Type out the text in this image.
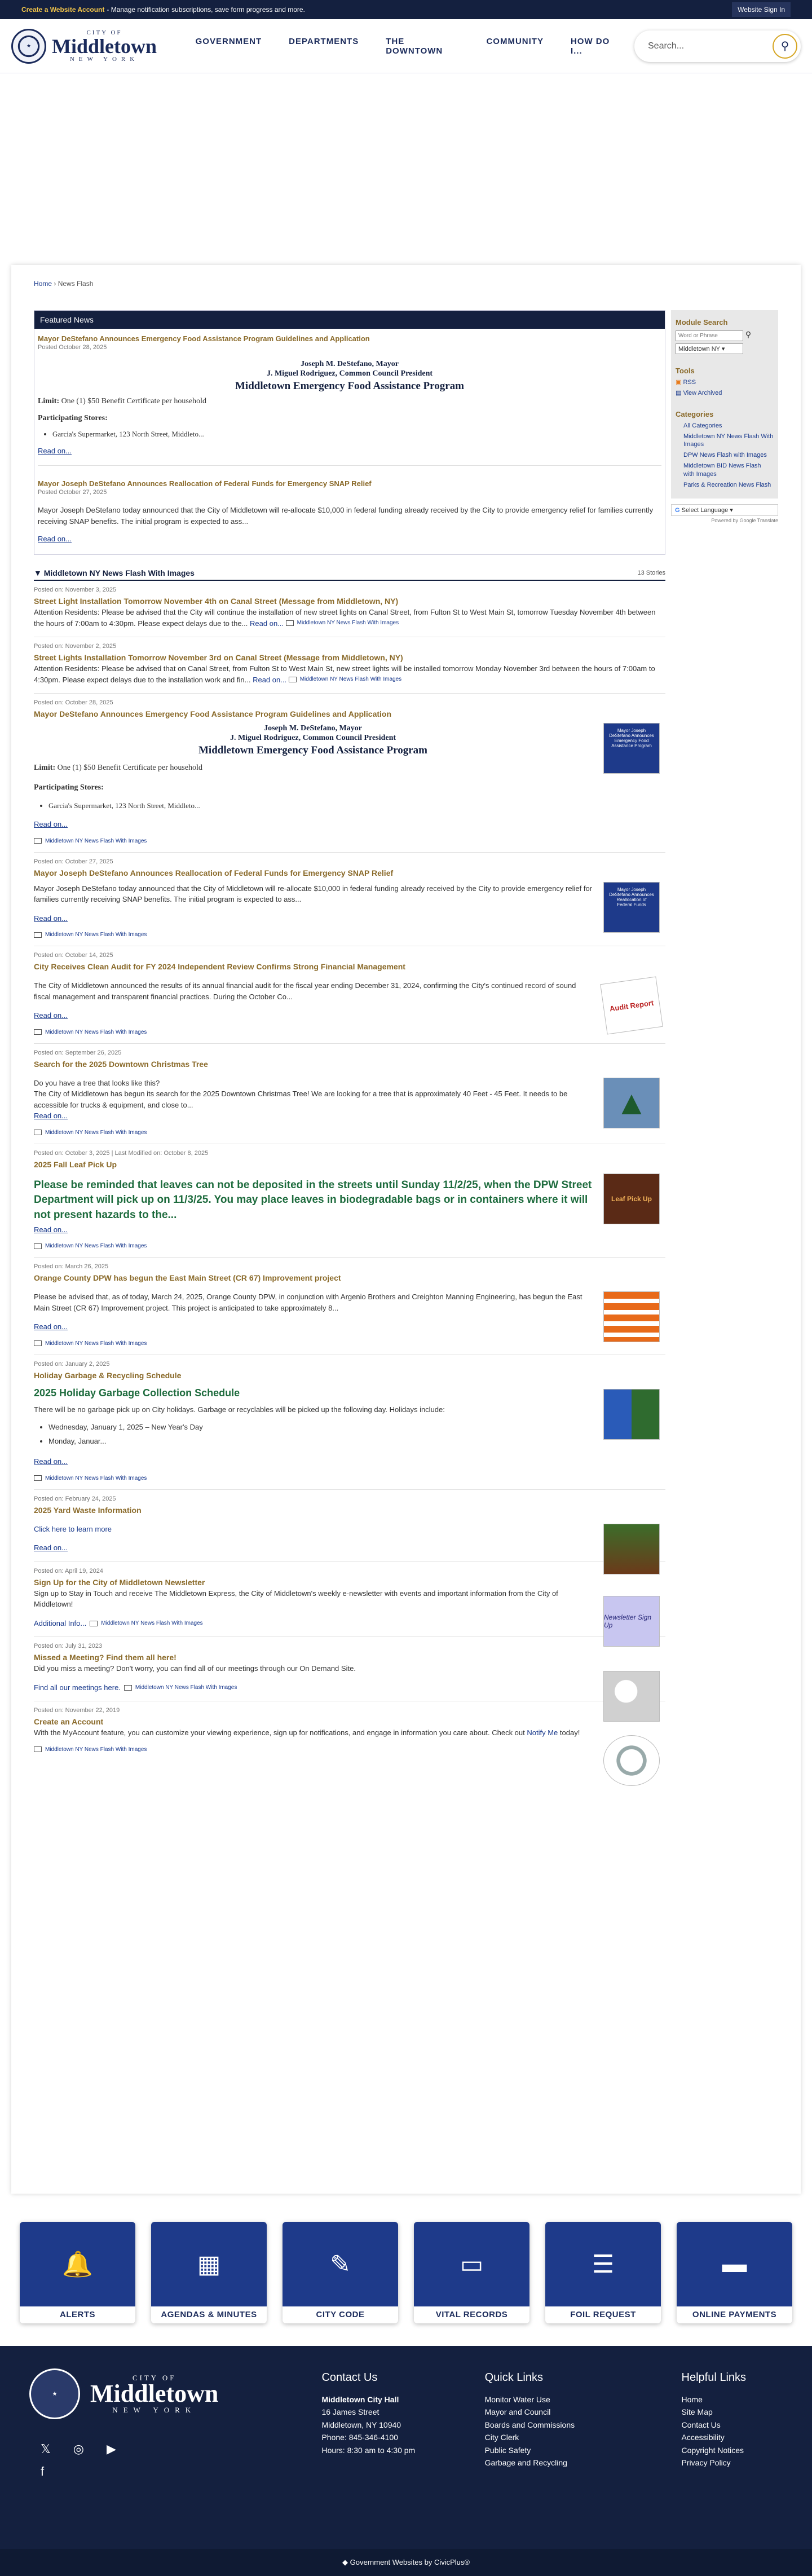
Create a Website Account - Manage notification subscriptions, save form progress and more.	Website Sign In
★
CITY OF
Middletown
NEW YORK
GOVERNMENT	DEPARTMENTS	THE DOWNTOWN
COMMUNITY	HOW DO I...
Search...	⚲
Home › News Flash
Featured News
Mayor DeStefano Announces Emergency Food Assistance Program Guidelines and Application
Posted October 28, 2025
Joseph M. DeStefano, Mayor
J. Miguel Rodriguez, Common Council President
Middletown Emergency Food Assistance Program
Limit: One (1) $50 Benefit Certificate per household
Participating Stores:
• Garcia's Supermarket, 123 North Street, Middleto...
Read on...
Mayor Joseph DeStefano Announces Reallocation of Federal Funds for Emergency SNAP Relief
Posted October 27, 2025
Mayor Joseph DeStefano today announced that the City of Middletown will re-allocate $10,000 in federal funding already received by the City to provide emergency relief for families currently receiving SNAP benefits. The initial program is expected to ass...
Read on...
▼ Middletown NY News Flash With Images	13 Stories
Posted on: November 3, 2025
Street Light Installation Tomorrow November 4th on Canal Street (Message from Middletown, NY)
Attention Residents: Please be advised that the City will continue the installation of new street lights on Canal Street, from Fulton St to West Main St, tomorrow Tuesday November 4th between the hours of 7:00am to 4:30pm. Please expect delays due to the... Read on... Middletown NY News Flash With Images
Posted on: November 2, 2025
Street Lights Installation Tomorrow November 3rd on Canal Street (Message from Middletown, NY)
Attention Residents: Please be advised that on Canal Street, from Fulton St to West Main St, new street lights will be installed tomorrow Monday November 3rd between the hours of 7:00am to 4:30pm. Please expect delays due to the installation work and fin... Read on... Middletown NY News Flash With Images
Posted on: October 28, 2025
Mayor DeStefano Announces Emergency Food Assistance Program Guidelines and Application
Mayor Joseph DeStefano Announces Emergency Food Assistance Program
Joseph M. DeStefano, Mayor
J. Miguel Rodriguez, Common Council President
Middletown Emergency Food Assistance Program
Limit: One (1) $50 Benefit Certificate per household
Participating Stores:
• Garcia's Supermarket, 123 North Street, Middleto...
Read on...
Middletown NY News Flash With Images
Posted on: October 27, 2025
Mayor Joseph DeStefano Announces Reallocation of Federal Funds for Emergency SNAP Relief
Mayor Joseph DeStefano Announces Reallocation of Federal Funds
Mayor Joseph DeStefano today announced that the City of Middletown will re-allocate $10,000 in federal funding already received by the City to provide emergency relief for families currently receiving SNAP benefits. The initial program is expected to ass...
Read on...
Middletown NY News Flash With Images
Posted on: October 14, 2025
City Receives Clean Audit for FY 2024 Independent Review Confirms Strong Financial Management
Audit Report
The City of Middletown announced the results of its annual financial audit for the fiscal year ending December 31, 2024, confirming the City's continued record of sound fiscal management and transparent financial practices. During the October Co...
Read on...
Middletown NY News Flash With Images
Posted on: September 26, 2025
Search for the 2025 Downtown Christmas Tree
▲
Do you have a tree that looks like this?
The City of Middletown has begun its search for the 2025 Downtown Christmas Tree! We are looking for a tree that is approximately 40 Feet - 45 Feet. It needs to be accessible for trucks & equipment, and close to...
Read on...
Middletown NY News Flash With Images
Posted on: October 3, 2025 | Last Modified on: October 8, 2025
2025 Fall Leaf Pick Up
Leaf Pick Up
Please be reminded that leaves can not be deposited in the streets until Sunday 11/2/25, when the DPW Street Department will pick up on 11/3/25. You may place leaves in biodegradable bags or in containers where it will not present hazards to the...
Read on...
Middletown NY News Flash With Images
Posted on: March 26, 2025
Orange County DPW has begun the East Main Street (CR 67) Improvement project
Please be advised that, as of today, March 24, 2025, Orange County DPW, in conjunction with Argenio Brothers and Creighton Manning Engineering, has begun the East Main Street (CR 67) Improvement project. This project is anticipated to take approximately 8...
Read on...
Middletown NY News Flash With Images
Posted on: January 2, 2025
Holiday Garbage & Recycling Schedule
2025 Holiday Garbage Collection Schedule
There will be no garbage pick up on City holidays. Garbage or recyclables will be picked up the following day. Holidays include:
• Wednesday, January 1, 2025 – New Year's Day
• Monday, Januar...
Read on...
Middletown NY News Flash With Images
Posted on: February 24, 2025
2025 Yard Waste Information
Click here to learn more
Read on...
Posted on: April 19, 2024
Sign Up for the City of Middletown Newsletter
Newsletter Sign Up
Sign up to Stay in Touch and receive The Middletown Express, the City of Middletown's weekly e-newsletter with events and important information from the City of Middletown!

Additional Info...	Middletown NY News Flash With Images
Posted on: July 31, 2023
Missed a Meeting? Find them all here!
Did you miss a meeting? Don't worry, you can find all of our meetings through our On Demand Site.

Find all our meetings here.	Middletown NY News Flash With Images
Posted on: November 22, 2019
Create an Account
With the MyAccount feature, you can customize your viewing experience, sign up for notifications, and engage in information you care about. Check out Notify Me today!
Middletown NY News Flash With Images
Module Search
Word or Phrase	⚲
Middletown NY ▾
Tools
▣ RSS
▤ View Archived
Categories
All Categories
Middletown NY News Flash With Images
DPW News Flash with Images
Middletown BID News Flash with Images
Parks & Recreation News Flash
G Select Language ▾
Powered by Google Translate
🔔
ALERTS
▦
AGENDAS & MINUTES
✎
CITY CODE
▭
VITAL RECORDS
☰
FOIL REQUEST
▬
ONLINE PAYMENTS
★
CITY OF
Middletown
NEW YORK
𝕏 ◎ ▶
f
Contact Us
Middletown City Hall
16 James Street
Middletown, NY 10940
Phone: 845-346-4100
Hours: 8:30 am to 4:30 pm
Quick Links
Monitor Water Use
Mayor and Council
Boards and Commissions
City Clerk
Public Safety
Garbage and Recycling
Helpful Links
Home
Site Map
Contact Us
Accessibility
Copyright Notices
Privacy Policy
◆ Government Websites by CivicPlus®
